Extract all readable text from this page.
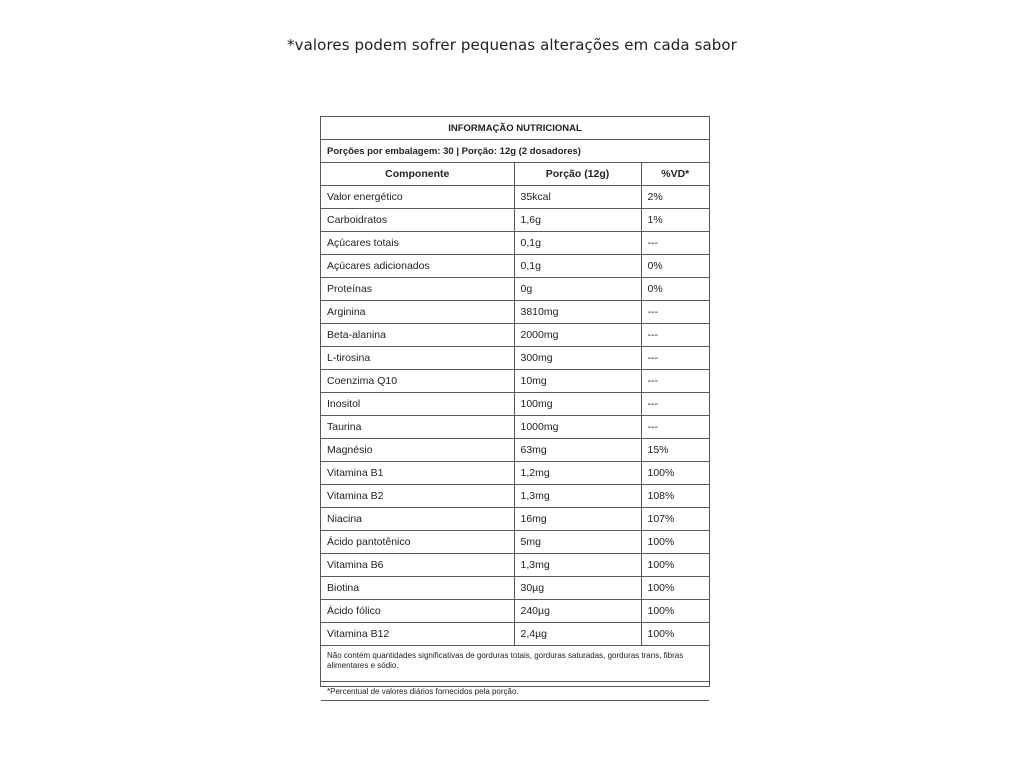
*valores podem sofrer pequenas alterações em cada sabor
INFORMAÇÃO NUTRICIONAL		
Porções por embalagem: 30 | Porção: 12g (2 dosadores)		
Componente	Porção (12g)	%VD*
Valor energético	35kcal	2%
Carboidratos	1,6g	1%
Açúcares totais	0,1g	---
Açúcares adicionados	0,1g	0%
Proteínas	0g	0%
Arginina	3810mg	---
Beta-alanina	2000mg	---
L-tirosina	300mg	---
Coenzima Q10	10mg	---
Inositol	100mg	---
Taurina	1000mg	---
Magnésio	63mg	15%
Vitamina B1	1,2mg	100%
Vitamina B2	1,3mg	108%
Niacina	16mg	107%
Ácido pantotênico	5mg	100%
Vitamina B6	1,3mg	100%
Biotina	30µg	100%
Ácido fólico	240µg	100%
Vitamina B12	2,4µg	100%
Não contém quantidades significativas de gorduras totais, gorduras saturadas, gorduras trans, fibras alimentares e sódio.		
*Percentual de valores diários fornecidos pela porção.		
